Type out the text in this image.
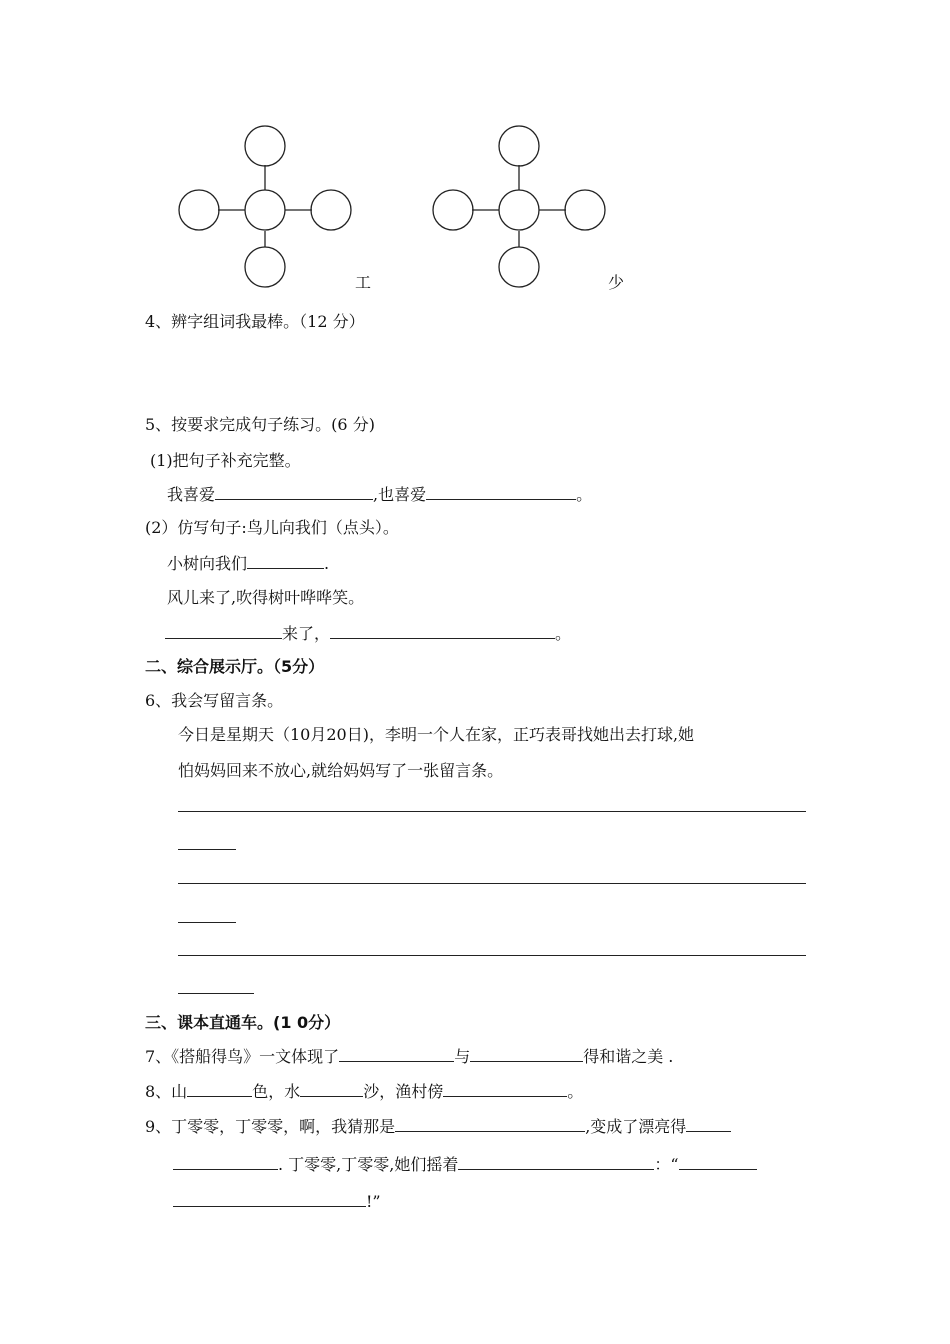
工	少
4、辨字组词我最棒。（12 分）
5、按要求完成句子练习。(6 分)
(1)把句子补充完整。
我喜爱	,也喜爱	。
(2）仿写句子:鸟儿向我们（点头）。
小树向我们	.
风儿来了,吹得树叶哗哗笑。
来了，	。
二、综合展示厅。（5分）
6、我会写留言条。
今日是星期天（10月20日)，李明一个人在家，正巧表哥找她出去打球,她
怕妈妈回来不放心,就给妈妈写了一张留言条。
三、课本直通车。(1 0分）
7、《搭船得鸟》一文体现了	与	得和谐之美 .
8、山	色，水	沙，渔村傍	。
9、丁零零，丁零零，啊，我猜那是	,变成了漂亮得
. 丁零零,丁零零,她们摇着	：“
!”
